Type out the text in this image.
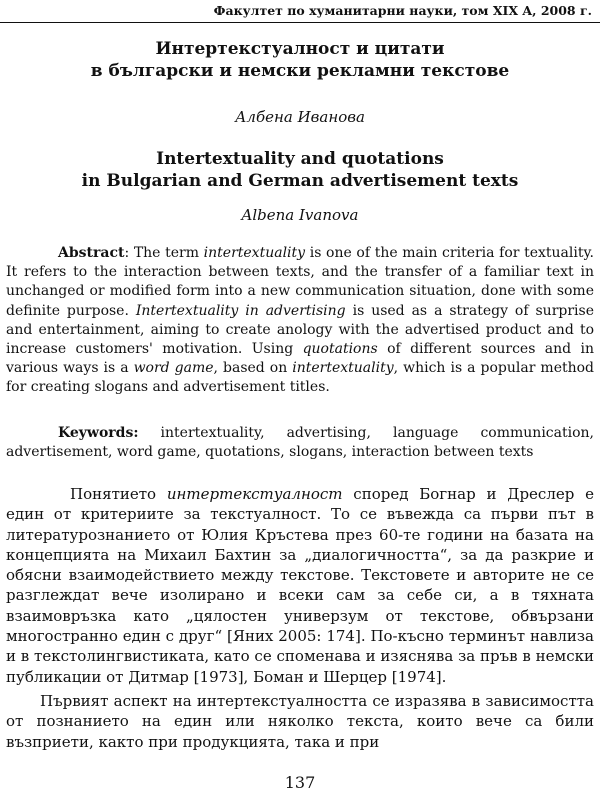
Факултет по хуманитарни науки, том XIX A, 2008 г.

Интертекстуалност и цитати

в български и немски рекламни текстове

Албена Иванова

Intertextuality and quotations

in Bulgarian and German advertisement texts

Albena Ivanova

Abstract: The term intertextuality is one of the main criteria for textuality. It refers to the interaction between texts, and the transfer of a familiar text in unchanged or modified form into a new communication situation, done with some definite purpose. Intertextuality in advertising is used as a strategy of surprise and entertainment, aiming to create anology with the advertised product and to increase customers' motivation. Using quotations of different sources and in various ways is a word game, based on intertextuality, which is a popular method for creating slogans and advertisement titles.

Keywords: intertextuality, advertising, language communication, advertisement, word game, quotations, slogans, interaction between texts

Понятието интертекстуалност според Богнар и Дреслер е един от критериите за текстуалност. То се въвежда са първи път в литературознанието от Юлия Кръстева през 60-те години на базата на концепцията на Михаил Бахтин за „диалогичността“, за да разкрие и обясни взаимодействието между текстове. Текстовете и авторите не се разглеждат вече изолирано и всеки сам за себе си, а в тяхната взаимовръзка като „цялостен универзум от текстове, обвързани многостранно един с друг“ [Яних 2005: 174]. По-късно терминът навлиза и в текстолингвистиката, като се споменава и изяснява за пръв в немски публикации от Дитмар [1973], Боман и Шерцер [1974].

Първият аспект на интертекстуалността се изразява в зависимостта от познанието на един или няколко текста, които вече са били възприети, както при продукцията, така и при

137
